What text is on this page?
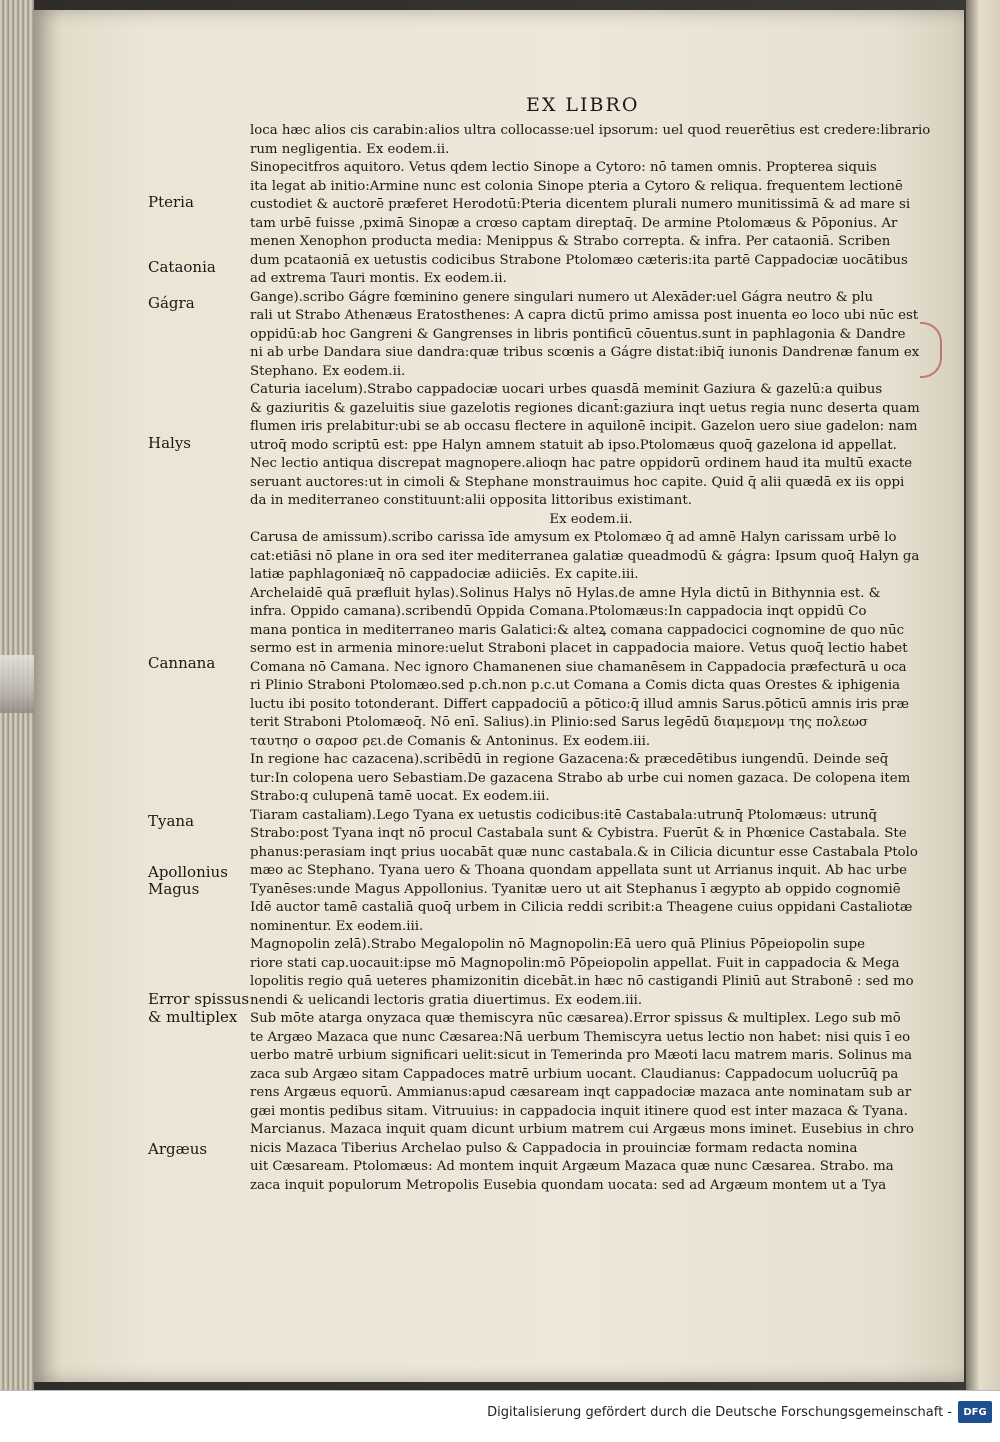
EX LIBRO
Pteria
Cataonia
Gágra
Halys
Cannana
Tyana
Apollonius
Magus
Error spissus
& multiplex
Argæus
loca hæc alios cis carabin:alios ultra collocasse:uel ipsorum: uel quod reuerētius est credere:librario
rum negligentia. Ex eodem.ii.
Sinopecitfros aquitoro. Vetus qdem lectio Sinope a Cytoro: nō tamen omnis. Propterea siquis
ita legat ab initio:Armine nunc est colonia Sinope pteria a Cytoro & reliqua. frequentem lectionē
custodiet & auctorē præferet Herodotū:Pteria dicentem plurali numero munitissimā & ad mare si
tam urbē fuisse ,pximā Sinopæ a crœso captam direptaq̄. De armine Ptolomæus & Pōponius. Ar
menen Xenophon producta media: Menippus & Strabo correpta. & infra. Per cataoniā. Scriben
dum pcataoniā ex uetustis codicibus Strabone Ptolomæo cæteris:ita partē Cappadociæ uocātibus
ad extrema Tauri montis. Ex eodem.ii.
Gange).scribo Gágre fœminino genere singulari numero ut Alexāder:uel Gágra neutro & plu
rali ut Strabo Athenæus Eratosthenes: A capra dictū primo amissa post inuenta eo loco ubi nūc est
oppidū:ab hoc Gangreni & Gangrenses in libris pontificū cōuentus.sunt in paphlagonia & Dandre
ni ab urbe Dandara siue dandra:quæ tribus scœnis a Gágre distat:ibiq̄ iunonis Dandrenæ fanum ex
Stephano. Ex eodem.ii.
Caturia iacelum).Strabo cappadociæ uocari urbes quasdā meminit Gaziura & gazelū:a quibus
& gaziuritis & gazeluitis siue gazelotis regiones dicant̄:gaziura inqt uetus regia nunc deserta quam
flumen iris prelabitur:ubi se ab occasu flectere in aquilonē incipit. Gazelon uero siue gadelon: nam
utroq̄ modo scriptū est: ppe Halyn amnem statuit ab ipso.Ptolomæus quoq̄ gazelona id appellat.
Nec lectio antiqua discrepat magnopere.alioqn hac patre oppidorū ordinem haud ita multū exacte
seruant auctores:ut in cimoli & Stephane monstrauimus hoc capite. Quid q̄ alii quædā ex iis oppi
da in mediterraneo constituunt:alii opposita littoribus existimant.
Ex eodem.ii.
Carusa de amissum).scribo carissa īde amysum ex Ptolomæo q̄ ad amnē Halyn carissam urbē lo
cat:etiāsi nō plane in ora sed iter mediterranea galatiæ queadmodū & gágra: Ipsum quoq̄ Halyn ga
latiæ paphlagoniæq̄ nō cappadociæ adiiciēs. Ex capite.iii.
Archelaidē quā præfluit hylas).Solinus Halys nō Hylas.de amne Hyla dictū in Bithynnia est. &
infra. Oppido camana).scribendū Oppida Comana.Ptolomæus:In cappadocia inqt oppidū Co
mana pontica in mediterraneo maris Galatici:& alteꝝ comana cappadocici cognomine de quo nūc
sermo est in armenia minore:uelut Straboni placet in cappadocia maiore. Vetus quoq̄ lectio habet
Comana nō Camana. Nec ignoro Chamanenen siue chamanēsem in Cappadocia præfecturā u oca
ri Plinio Straboni Ptolomæo.sed p.ch.non p.c.ut Comana a Comis dicta quas Orestes & iphigenia
luctu ibi posito totonderant. Differt cappadociū a pōtico:q̄ illud amnis Sarus.pōticū amnis iris præ
terit Straboni Ptolomæoq̄. Nō enī. Salius).in Plinio:sed Sarus legēdū διαμεμονμ της πολεωσ
ταυτησ ο σαροσ ρει.de Comanis & Antoninus. Ex eodem.iii.
In regione hac cazacena).scribēdū in regione Gazacena:& præcedētibus iungendū. Deinde seq̄
tur:In colopena uero Sebastiam.De gazacena Strabo ab urbe cui nomen gazaca. De colopena item
Strabo:q culupenā tamē uocat. Ex eodem.iii.
Tiaram castaliam).Lego Tyana ex uetustis codicibus:itē Castabala:utrunq̄ Ptolomæus: utrunq̄
Strabo:post Tyana inqt nō procul Castabala sunt & Cybistra. Fuerūt & in Phœnice Castabala. Ste
phanus:perasiam inqt prius uocabāt quæ nunc castabala.& in Cilicia dicuntur esse Castabala Ptolo
mæo ac Stephano. Tyana uero & Thoana quondam appellata sunt ut Arrianus inquit. Ab hac urbe
Tyanēses:unde Magus Appollonius. Tyanitæ uero ut ait Stephanus ī ægypto ab oppido cognomiē
Idē auctor tamē castaliā quoq̄ urbem in Cilicia reddi scribit:a Theagene cuius oppidani Castaliotæ
nominentur. Ex eodem.iii.
Magnopolin zelā).Strabo Megalopolin nō Magnopolin:Eā uero quā Plinius Pōpeiopolin supe
riore stati cap.uocauit:ipse mō Magnopolin:mō Pōpeiopolin appellat. Fuit in cappadocia & Mega
lopolitis regio quā ueteres phamizonitin dicebāt.in hæc nō castigandi Pliniū aut Strabonē : sed mo
nendi & uelicandi lectoris gratia diuertimus. Ex eodem.iii.
Sub mōte atarga onyzaca quæ themiscyra nūc cæsarea).Error spissus & multiplex. Lego sub mō
te Argæo Mazaca que nunc Cæsarea:Nā uerbum Themiscyra uetus lectio non habet: nisi quis ī eo
uerbo matrē urbium significari uelit:sicut in Temerinda pro Mæoti lacu matrem maris. Solinus ma
zaca sub Argæo sitam Cappadoces matrē urbium uocant. Claudianus: Cappadocum uolucrūq̄ pa
rens Argæus equorū. Ammianus:apud cæsaream inqt cappadociæ mazaca ante nominatam sub ar
gæi montis pedibus sitam. Vitruuius: in cappadocia inquit itinere quod est inter mazaca & Tyana.
Marcianus. Mazaca inquit quam dicunt urbium matrem cui Argæus mons iminet. Eusebius in chro
nicis Mazaca Tiberius Archelao pulso & Cappadocia in prouinciæ formam redacta nomina
uit Cæsaream. Ptolomæus: Ad montem inquit Argæum Mazaca quæ nunc Cæsarea. Strabo. ma
zaca inquit populorum Metropolis Eusebia quondam uocata: sed ad Argæum montem ut a Tya
Digitalisierung gefördert durch die Deutsche Forschungsgemeinschaft -	DFG
